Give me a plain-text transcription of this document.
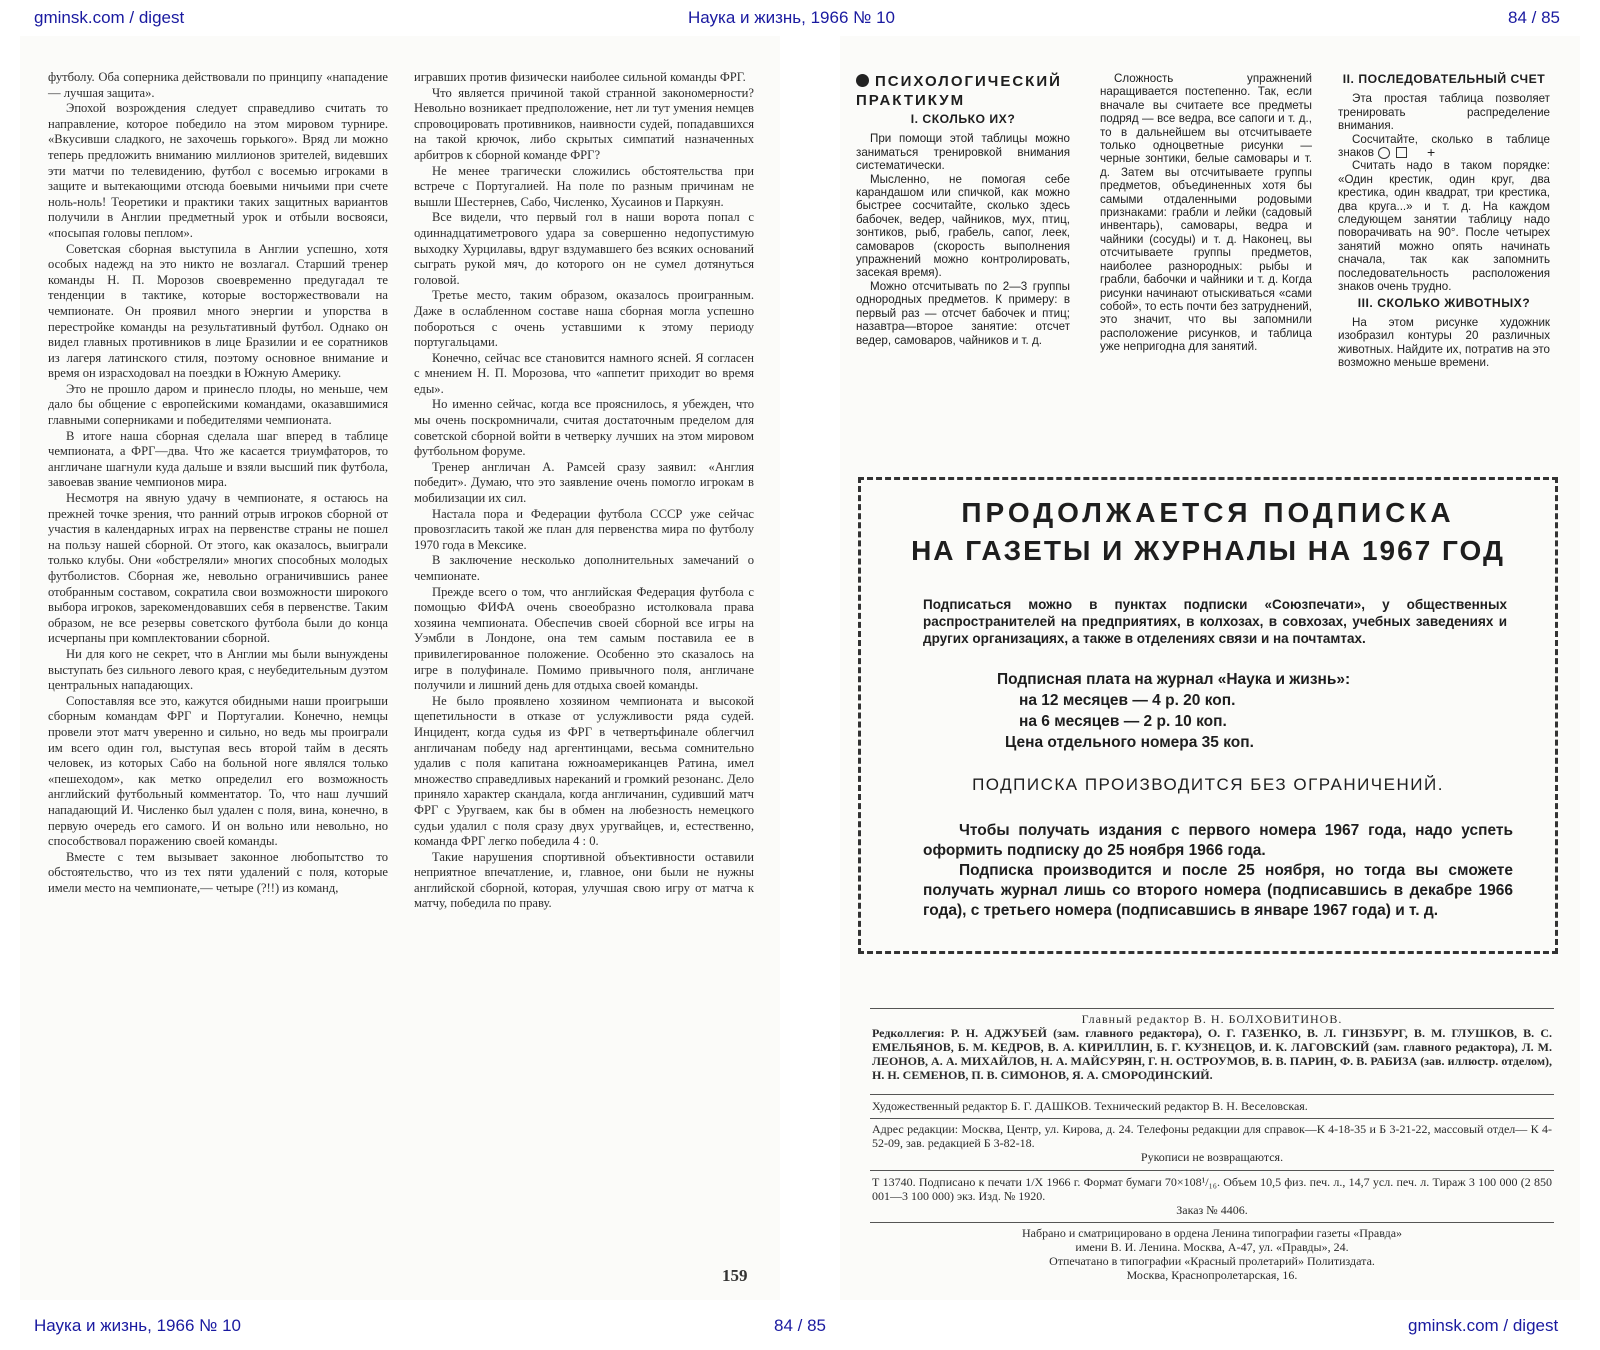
gminsk.com / digest	Наука и жизнь, 1966 № 10	84 / 85

футболу. Оба соперника действовали по принципу «нападение — лучшая защита».

Эпохой возрождения следует справедливо считать то направление, которое победило на этом мировом турнире. «Вкусивши сладкого, не захочешь горького». Вряд ли можно теперь предложить вниманию миллионов зрителей, видевших эти матчи по телевидению, футбол с восемью игроками в защите и вытекающими отсюда боевыми ничьими при счете ноль-ноль! Теоретики и практики таких защитных вариантов получили в Англии предметный урок и отбыли восвояси, «посыпая головы пеплом».

Советская сборная выступила в Англии успешно, хотя особых надежд на это никто не возлагал. Старший тренер команды Н. П. Морозов своевременно предугадал те тенденции в тактике, которые восторжествовали на чемпионате. Он проявил много энергии и упорства в перестройке команды на результативный футбол. Однако он видел главных противников в лице Бразилии и ее соратников из лагеря латинского стиля, поэтому основное внимание и время он израсходовал на поездки в Южную Америку.

Это не прошло даром и принесло плоды, но меньше, чем дало бы общение с европейскими командами, оказавшимися главными соперниками и победителями чемпионата.

В итоге наша сборная сделала шаг вперед в таблице чемпионата, а ФРГ—два. Что же касается триумфаторов, то англичане шагнули куда дальше и взяли высший пик футбола, завоевав звание чемпионов мира.

Несмотря на явную удачу в чемпионате, я остаюсь на прежней точке зрения, что ранний отрыв игроков сборной от участия в календарных играх на первенстве страны не пошел на пользу нашей сборной. От этого, как оказалось, выиграли только клубы. Они «обстреляли» многих способных молодых футболистов. Сборная же, невольно ограничившись ранее отобранным составом, сократила свои возможности широкого выбора игроков, зарекомендовавших себя в первенстве. Таким образом, не все резервы советского футбола были до конца исчерпаны при комплектовании сборной.

Ни для кого не секрет, что в Англии мы были вынуждены выступать без сильного левого края, с неубедительным дуэтом центральных нападающих.

Сопоставляя все это, кажутся обидными наши проигрыши сборным командам ФРГ и Португалии. Конечно, немцы провели этот матч уверенно и сильно, но ведь мы проиграли им всего один гол, выступая весь второй тайм в десять человек, из которых Сабо на больной ноге являлся только «пешеходом», как метко определил его возможность английский футбольный комментатор. То, что наш лучший нападающий И. Численко был удален с поля, вина, конечно, в первую очередь его самого. И он вольно или невольно, но способствовал поражению своей команды.

Вместе с тем вызывает законное любопытство то обстоятельство, что из тех пяти удалений с поля, которые имели место на чемпионате,— четыре (?!!) из команд,

игравших против физически наиболее сильной команды ФРГ.

Что является причиной такой странной закономерности? Невольно возникает предположение, нет ли тут умения немцев спровоцировать противников, наивности судей, попадавшихся на такой крючок, либо скрытых симпатий назначенных арбитров к сборной команде ФРГ?

Не менее трагически сложились обстоятельства при встрече с Португалией. На поле по разным причинам не вышли Шестернев, Сабо, Численко, Хусаинов и Паркуян.

Все видели, что первый гол в наши ворота попал с одиннадцатиметрового удара за совершенно недопустимую выходку Хурцилавы, вдруг вздумавшего без всяких оснований сыграть рукой мяч, до которого он не сумел дотянуться головой.

Третье место, таким образом, оказалось проигранным. Даже в ослабленном составе наша сборная могла успешно побороться с очень уставшими к этому периоду португальцами.

Конечно, сейчас все становится намного ясней. Я согласен с мнением Н. П. Морозова, что «аппетит приходит во время еды».

Но именно сейчас, когда все прояснилось, я убежден, что мы очень поскромничали, считая достаточным пределом для советской сборной войти в четверку лучших на этом мировом футбольном форуме.

Тренер англичан А. Рамсей сразу заявил: «Англия победит». Думаю, что это заявление очень помогло игрокам в мобилизации их сил.

Настала пора и Федерации футбола СССР уже сейчас провозгласить такой же план для первенства мира по футболу 1970 года в Мексике.

В заключение несколько дополнительных замечаний о чемпионате.

Прежде всего о том, что английская Федерация футбола с помощью ФИФА очень своеобразно истолковала права хозяина чемпионата. Обеспечив своей сборной все игры на Уэмбли в Лондоне, она тем самым поставила ее в привилегированное положение. Особенно это сказалось на игре в полуфинале. Помимо привычного поля, англичане получили и лишний день для отдыха своей команды.

Не было проявлено хозяином чемпионата и высокой щепетильности в отказе от услужливости ряда судей. Инцидент, когда судья из ФРГ в четвертьфинале облегчил англичанам победу над аргентинцами, весьма сомнительно удалив с поля капитана южноамериканцев Ратина, имел множество справедливых нареканий и громкий резонанс. Дело приняло характер скандала, когда англичанин, судивший матч ФРГ с Уругваем, как бы в обмен на любезность немецкого судьи удалил с поля сразу двух уругвайцев, и, естественно, команда ФРГ легко победила 4 : 0.

Такие нарушения спортивной объективности оставили неприятное впечатление, и, главное, они были не нужны английской сборной, которая, улучшая свою игру от матча к матчу, победила по праву.

159
ПСИХОЛОГИЧЕСКИЙ ПРАКТИКУМ
I. СКОЛЬКО ИХ?

При помощи этой таблицы можно заниматься тренировкой внимания систематически.

Мысленно, не помогая себе карандашом или спичкой, как можно быстрее сосчитайте, сколько здесь бабочек, ведер, чайников, мух, птиц, зонтиков, рыб, грабель, сапог, леек, самоваров (скорость выполнения упражнений можно контролировать, засекая время).

Можно отсчитывать по 2—3 группы однородных предметов. К примеру: в первый раз — отсчет бабочек и птиц; назавтра—второе занятие: отсчет ведер, самоваров, чайников и т. д.

Сложность упражнений наращивается постепенно. Так, если вначале вы считаете все предметы подряд — все ведра, все сапоги и т. д., то в дальнейшем вы отсчитываете только одноцветные рисунки — черные зонтики, белые самовары и т. д. Затем вы отсчитываете группы предметов, объединенных хотя бы самыми отдаленными родовыми признаками: грабли и лейки (садовый инвентарь), самовары, ведра и чайники (сосуды) и т. д. Наконец, вы отсчитываете группы предметов, наиболее разнородных: рыбы и грабли, бабочки и чайники и т. д. Когда рисунки начинают отыскиваться «сами собой», то есть почти без затруднений, это значит, что вы запомнили расположение рисунков, и таблица уже непригодна для занятий.

II. ПОСЛЕДОВАТЕЛЬНЫЙ СЧЕТ

Эта простая таблица позволяет тренировать распределение внимания.

Сосчитайте, сколько в таблице знаков	+

Считать надо в таком порядке: «Один крестик, один круг, два крестика, один квадрат, три крестика, два круга...» и т. д. На каждом следующем занятии таблицу надо поворачивать на 90°. После четырех занятий можно опять начинать сначала, так как запомнить последовательность расположения знаков очень трудно.

III. СКОЛЬКО ЖИВОТНЫХ?

На этом рисунке художник изобразил контуры 20 различных животных. Найдите их, потратив на это возможно меньше времени.

ПРОДОЛЖАЕТСЯ ПОДПИСКА
НА ГАЗЕТЫ И ЖУРНАЛЫ НА 1967 ГОД
Подписаться можно в пунктах подписки «Союзпечати», у общественных распространителей на предприятиях, в колхозах, в совхозах, учебных заведениях и других организациях, а также в отделениях связи и на почтамтах.
Подписная плата на журнал «Наука и жизнь»:
на 12 месяцев — 4 р. 20 коп.
на 6 месяцев — 2 р. 10 коп.
Цена отдельного номера 35 коп.
ПОДПИСКА ПРОИЗВОДИТСЯ БЕЗ ОГРАНИЧЕНИЙ.

Чтобы получать издания с первого номера 1967 года, надо успеть оформить подписку до 25 ноября 1966 года.

Подписка производится и после 25 ноября, но тогда вы сможете получать журнал лишь со второго номера (подписавшись в декабре 1966 года), с третьего номера (подписавшись в январе 1967 года) и т. д.

Главный редактор В. Н. БОЛХОВИТИНОВ.
Редколлегия: Р. Н. АДЖУБЕЙ (зам. главного редактора), О. Г. ГАЗЕНКО, В. Л. ГИНЗБУРГ, В. М. ГЛУШКОВ, В. С. ЕМЕЛЬЯНОВ, Б. М. КЕДРОВ, В. А. КИРИЛЛИН, Б. Г. КУЗНЕЦОВ, И. К. ЛАГОВСКИЙ (зам. главного редактора), Л. М. ЛЕОНОВ, А. А. МИХАЙЛОВ, Н. А. МАЙСУРЯН, Г. Н. ОСТРОУМОВ, В. В. ПАРИН, Ф. В. РАБИЗА (зав. иллюстр. отделом), Н. Н. СЕМЕНОВ, П. В. СИМОНОВ, Я. А. СМОРОДИНСКИЙ.
Художественный редактор Б. Г. ДАШКОВ. Технический редактор В. Н. Веселовская.
Адрес редакции: Москва, Центр, ул. Кирова, д. 24. Телефоны редакции для справок—К 4-18-35 и Б 3-21-22, массовый отдел— К 4-52-09, зав. редакцией Б 3-82-18.
Рукописи не возвращаются.
Т 13740. Подписано к печати 1/X 1966 г. Формат бумаги 70×108¹/₁₆. Объем 10,5 физ. печ. л., 14,7 усл. печ. л. Тираж 3 100 000 (2 850 001—3 100 000) экз. Изд. № 1920.
Заказ № 4406.
Набрано и сматрицировано в ордена Ленина типографии газеты «Правда»
имени В. И. Ленина. Москва, А-47, ул. «Правды», 24.
Отпечатано в типографии «Красный пролетарий» Политиздата.
Москва, Краснопролетарская, 16.
Наука и жизнь, 1966 № 10	84 / 85	gminsk.com / digest
